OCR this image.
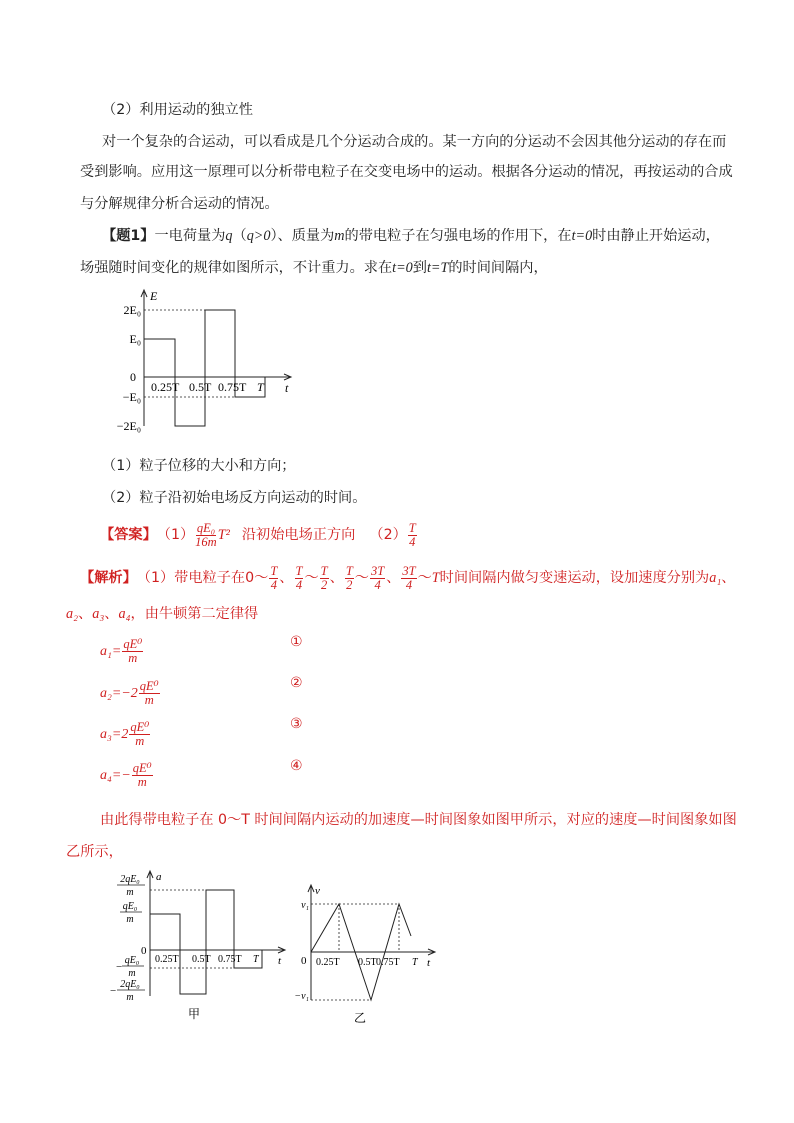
（2）利用运动的独立性
对一个复杂的合运动，可以看成是几个分运动合成的。某一方向的分运动不会因其他分运动的存在而
受到影响。应用这一原理可以分析带电粒子在交变电场中的运动。根据各分运动的情况，再按运动的合成
与分解规律分析合运动的情况。
【题1】一电荷量为q（q>0）、质量为m的带电粒子在匀强电场的作用下，在t=0时由静止开始运动，
场强随时间变化的规律如图所示，不计重力。求在t=0到t=T的时间间隔内，
E
t
0
2E₀
E₀
−E₀
−2E₀
0.25T 0.5T 0.75T T
（1）粒子位移的大小和方向；
（2）粒子沿初始电场反方向运动的时间。
【答案】 （1） qE₀
16m T² 沿初始电场正方向 （2） T
4
【解析】 （1）带电粒子在 0 ～ T
4 、 T
4 ～ T
2 、 T
2 ～ 3T
4 、 3T
4 ～ T 时间间隔内做匀变速运动，设加速度分别为 a₁ 、
a₂、a₃、a₄，由牛顿第二定律得
$a_1= \frac{\text{qE⁰}}{m}$
a₂=−2 qE⁰
m
a₃=2 qE⁰
m
$a_4=- \frac{\text{qE⁰}}{m}$
①
②
③
④
由此得带电粒子在 0～T 时间间隔内运动的加速度—时间图象如图甲所示，对应的速度—时间图象如图
乙所示，
a
t
0
2qE₀
m
qE₀
m
qE₀
m
2qE₀
m
−
−
0.25T 0.5T 0.75T T
甲
v
t
0
v₁
−v₁
0.25T 0.5T 0.75T T
乙
